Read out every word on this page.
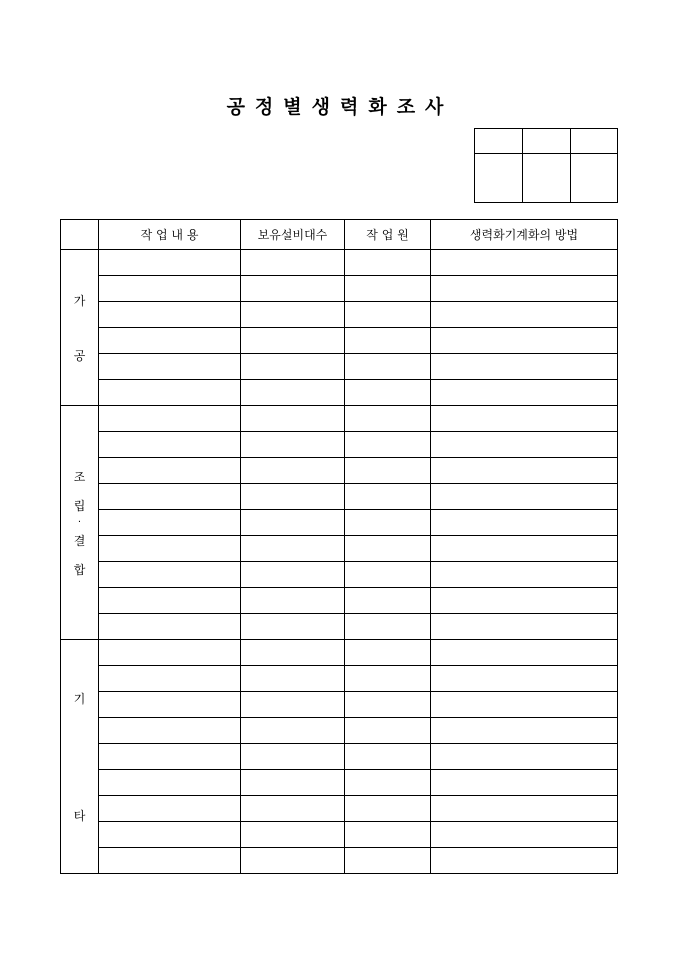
공정별생력화조사

	작 업 내 용	보유설비대수	작 업 원	생력화기계화의 방법

가
공				

조
립
·
결
합				

기
타				
